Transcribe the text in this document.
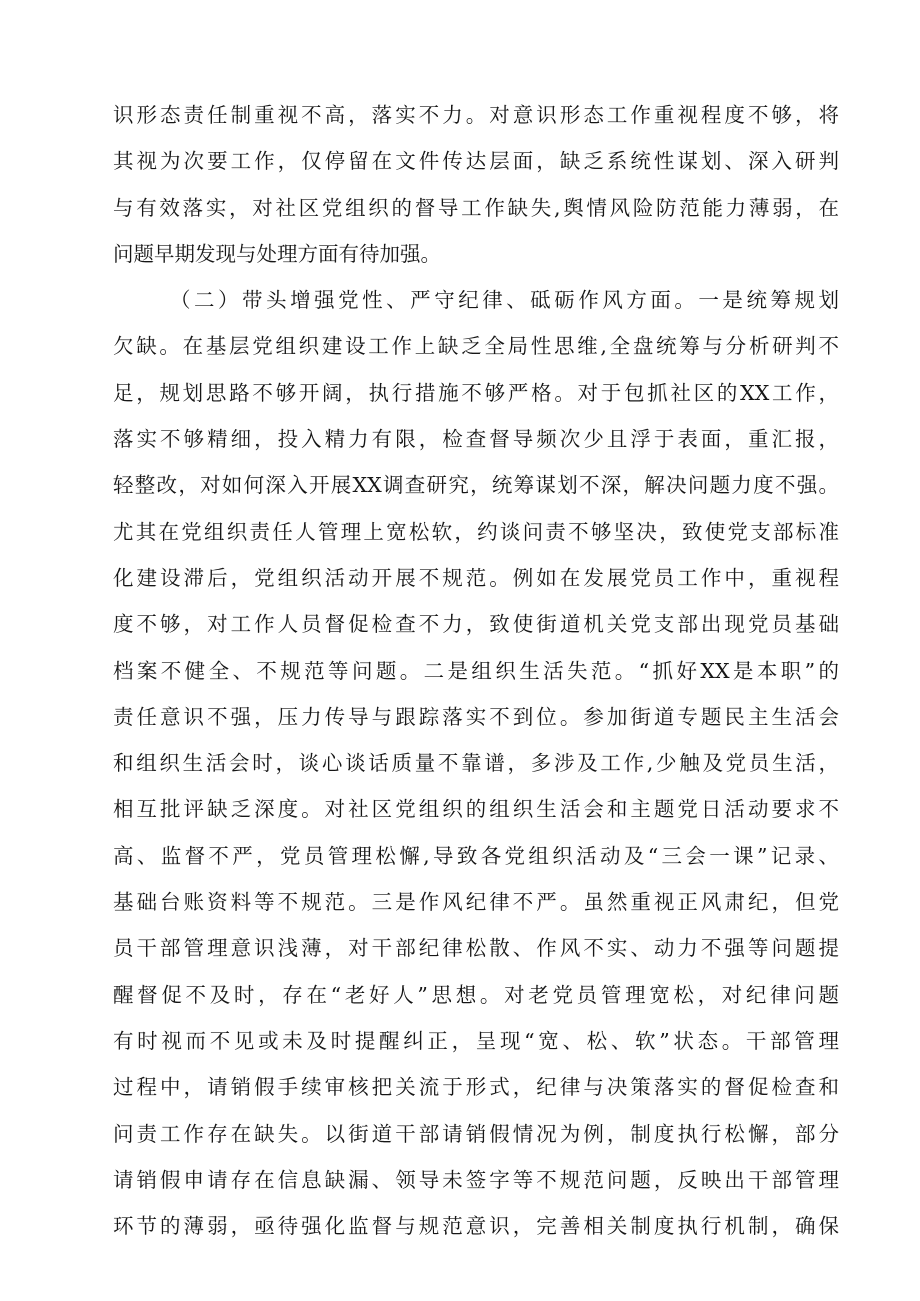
识形态责任制重视不高，落实不力。对意识形态工作重视程度不够，将
其视为次要工作，仅停留在文件传达层面，缺乏系统性谋划、深入研判
与有效落实，对社区党组织的督导工作缺失,舆情风险防范能力薄弱，在
问题早期发现与处理方面有待加强。
（二）带头增强党性、严守纪律、砥砺作风方面。一是统筹规划
欠缺。在基层党组织建设工作上缺乏全局性思维,全盘统筹与分析研判不
足，规划思路不够开阔，执行措施不够严格。对于包抓社区的XX工作，
落实不够精细，投入精力有限，检查督导频次少且浮于表面，重汇报，
轻整改，对如何深入开展XX调查研究，统筹谋划不深，解决问题力度不强。
尤其在党组织责任人管理上宽松软，约谈问责不够坚决，致使党支部标准
化建设滞后，党组织活动开展不规范。例如在发展党员工作中，重视程
度不够，对工作人员督促检查不力，致使街道机关党支部出现党员基础
档案不健全、不规范等问题。二是组织生活失范。“抓好XX是本职”的
责任意识不强，压力传导与跟踪落实不到位。参加街道专题民主生活会
和组织生活会时，谈心谈话质量不靠谱，多涉及工作,少触及党员生活，
相互批评缺乏深度。对社区党组织的组织生活会和主题党日活动要求不
高、监督不严，党员管理松懈,导致各党组织活动及“三会一课”记录、
基础台账资料等不规范。三是作风纪律不严。虽然重视正风肃纪，但党
员干部管理意识浅薄，对干部纪律松散、作风不实、动力不强等问题提
醒督促不及时，存在“老好人”思想。对老党员管理宽松，对纪律问题
有时视而不见或未及时提醒纠正，呈现“宽、松、软”状态。干部管理
过程中，请销假手续审核把关流于形式，纪律与决策落实的督促检查和
问责工作存在缺失。以街道干部请销假情况为例，制度执行松懈，部分
请销假申请存在信息缺漏、领导未签字等不规范问题，反映出干部管理
环节的薄弱，亟待强化监督与规范意识，完善相关制度执行机制，确保
